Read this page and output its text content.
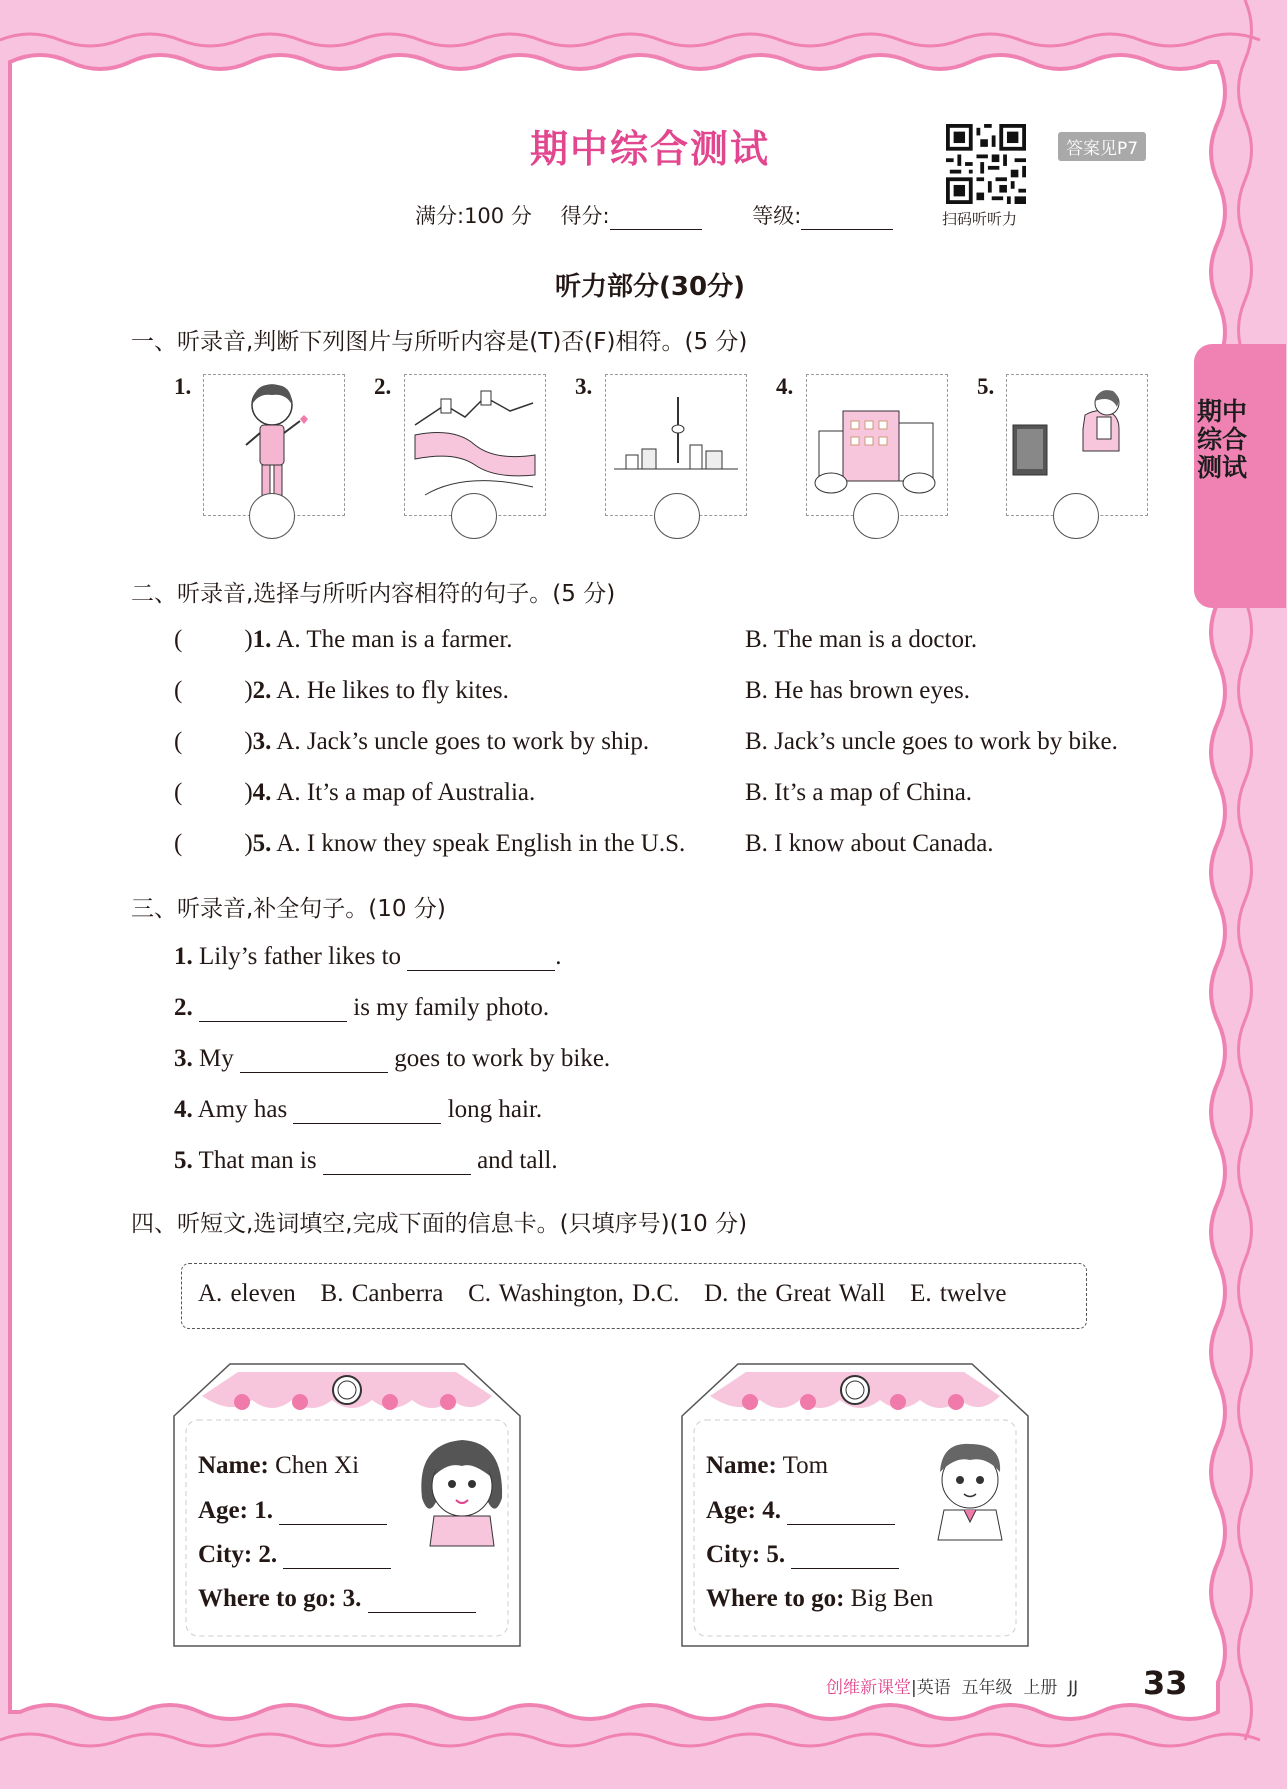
期中综合测试
满分:100 分 得分:	等级:	扫码听听力
答案见P7
期中综合测试
听力部分(30分)
一、听录音,判断下列图片与所听内容是(T)否(F)相符。(5 分)
1.	2.	3.	4.	5.
二、听录音,选择与所听内容相符的句子。(5 分)
( )1. A. The man is a farmer.	B. The man is a doctor.
( )2. A. He likes to fly kites.	B. He has brown eyes.
( )3. A. Jack’s uncle goes to work by ship.	B. Jack’s uncle goes to work by bike.
( )4. A. It’s a map of Australia.	B. It’s a map of China.
( )5. A. I know they speak English in the U.S. B. I know about Canada.
三、听录音,补全句子。(10 分)
1. Lily’s father likes to	.
2.	is my family photo.
3. My	goes to work by bike.
4. Amy has	long hair.
5. That man is	and tall.
四、听短文,选词填空,完成下面的信息卡。(只填序号)(10 分)
A. eleven   B. Canberra   C. Washington, D.C.   D. the Great Wall   E. twelve
Name: Chen Xi
Age: 1.
City: 2.
Where to go: 3.
Name: Tom
Age: 4.
City: 5.
Where to go: Big Ben
创维新课堂|英语  五年级  上册  JJ 33
